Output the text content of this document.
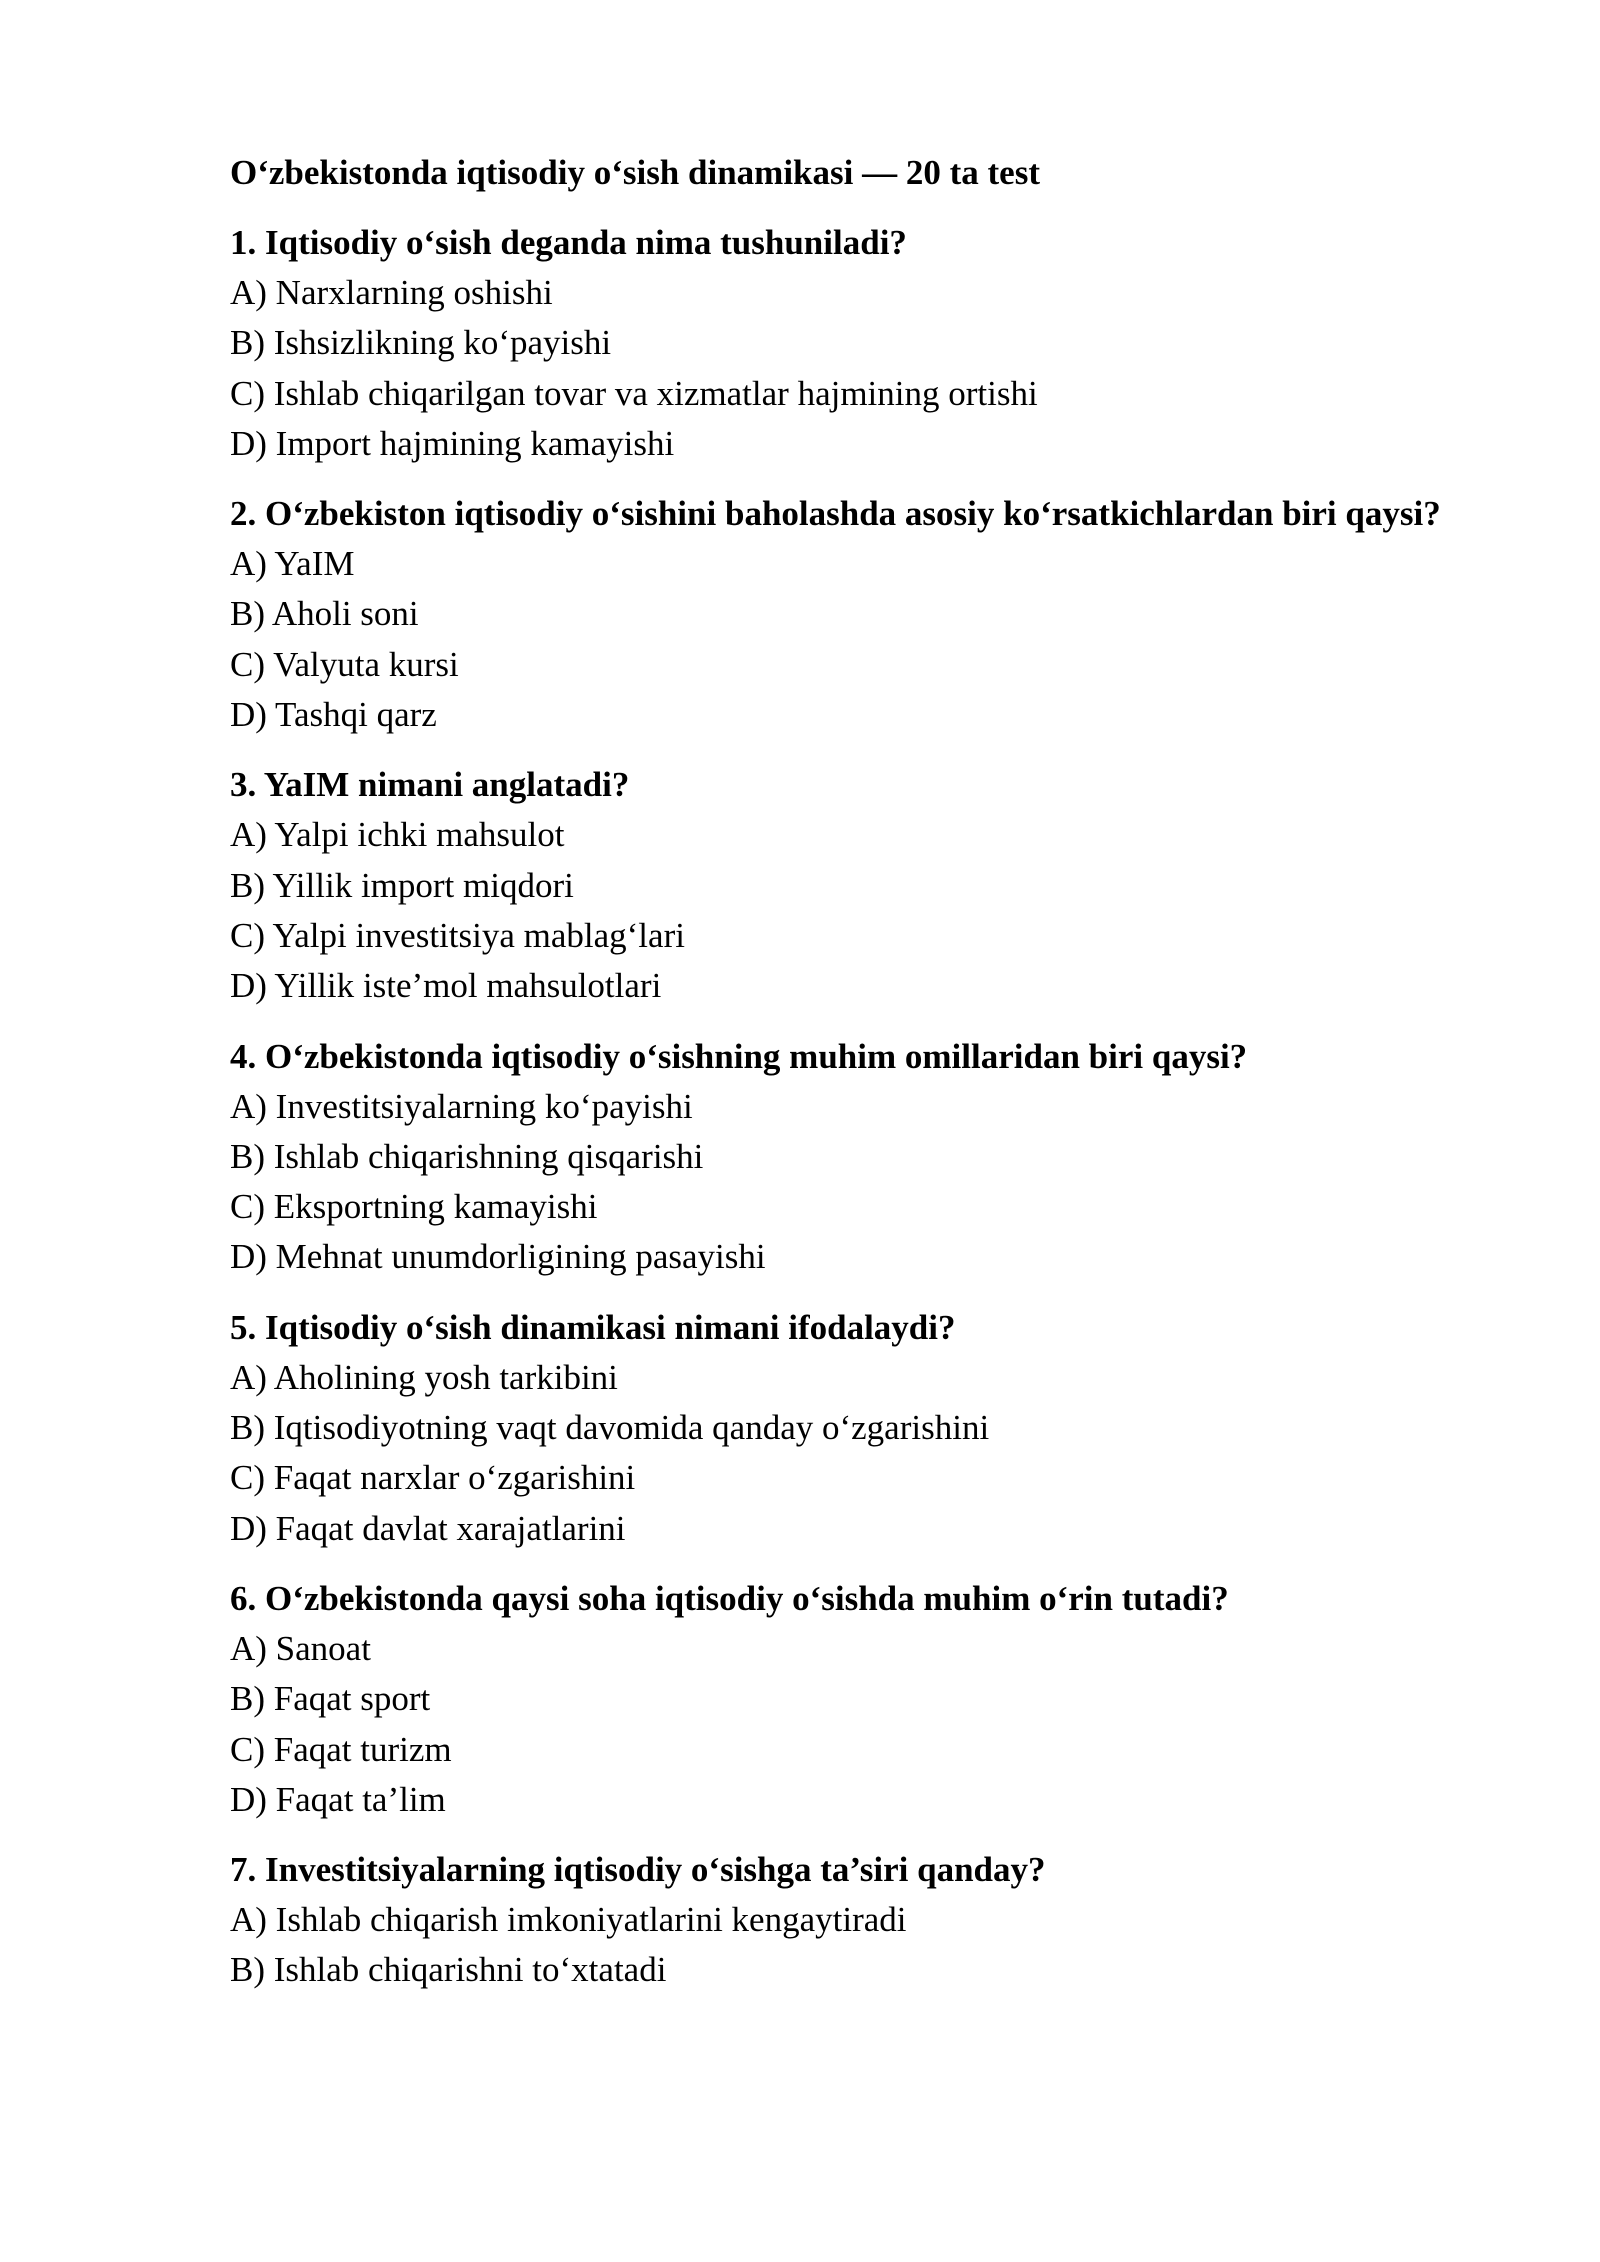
O‘zbekistonda iqtisodiy o‘sish dinamikasi — 20 ta test

1. Iqtisodiy o‘sish deganda nima tushuniladi?

A) Narxlarning oshishi
B) Ishsizlikning ko‘payishi
C) Ishlab chiqarilgan tovar va xizmatlar hajmining ortishi
D) Import hajmining kamayishi

2. O‘zbekiston iqtisodiy o‘sishini baholashda asosiy ko‘rsatkichlardan biri qaysi?

A) YaIM
B) Aholi soni
C) Valyuta kursi
D) Tashqi qarz

3. YaIM nimani anglatadi?

A) Yalpi ichki mahsulot
B) Yillik import miqdori
C) Yalpi investitsiya mablag‘lari
D) Yillik iste’mol mahsulotlari

4. O‘zbekistonda iqtisodiy o‘sishning muhim omillaridan biri qaysi?

A) Investitsiyalarning ko‘payishi
B) Ishlab chiqarishning qisqarishi
C) Eksportning kamayishi
D) Mehnat unumdorligining pasayishi

5. Iqtisodiy o‘sish dinamikasi nimani ifodalaydi?

A) Aholining yosh tarkibini
B) Iqtisodiyotning vaqt davomida qanday o‘zgarishini
C) Faqat narxlar o‘zgarishini
D) Faqat davlat xarajatlarini

6. O‘zbekistonda qaysi soha iqtisodiy o‘sishda muhim o‘rin tutadi?

A) Sanoat
B) Faqat sport
C) Faqat turizm
D) Faqat ta’lim

7. Investitsiyalarning iqtisodiy o‘sishga ta’siri qanday?

A) Ishlab chiqarish imkoniyatlarini kengaytiradi
B) Ishlab chiqarishni to‘xtatadi
